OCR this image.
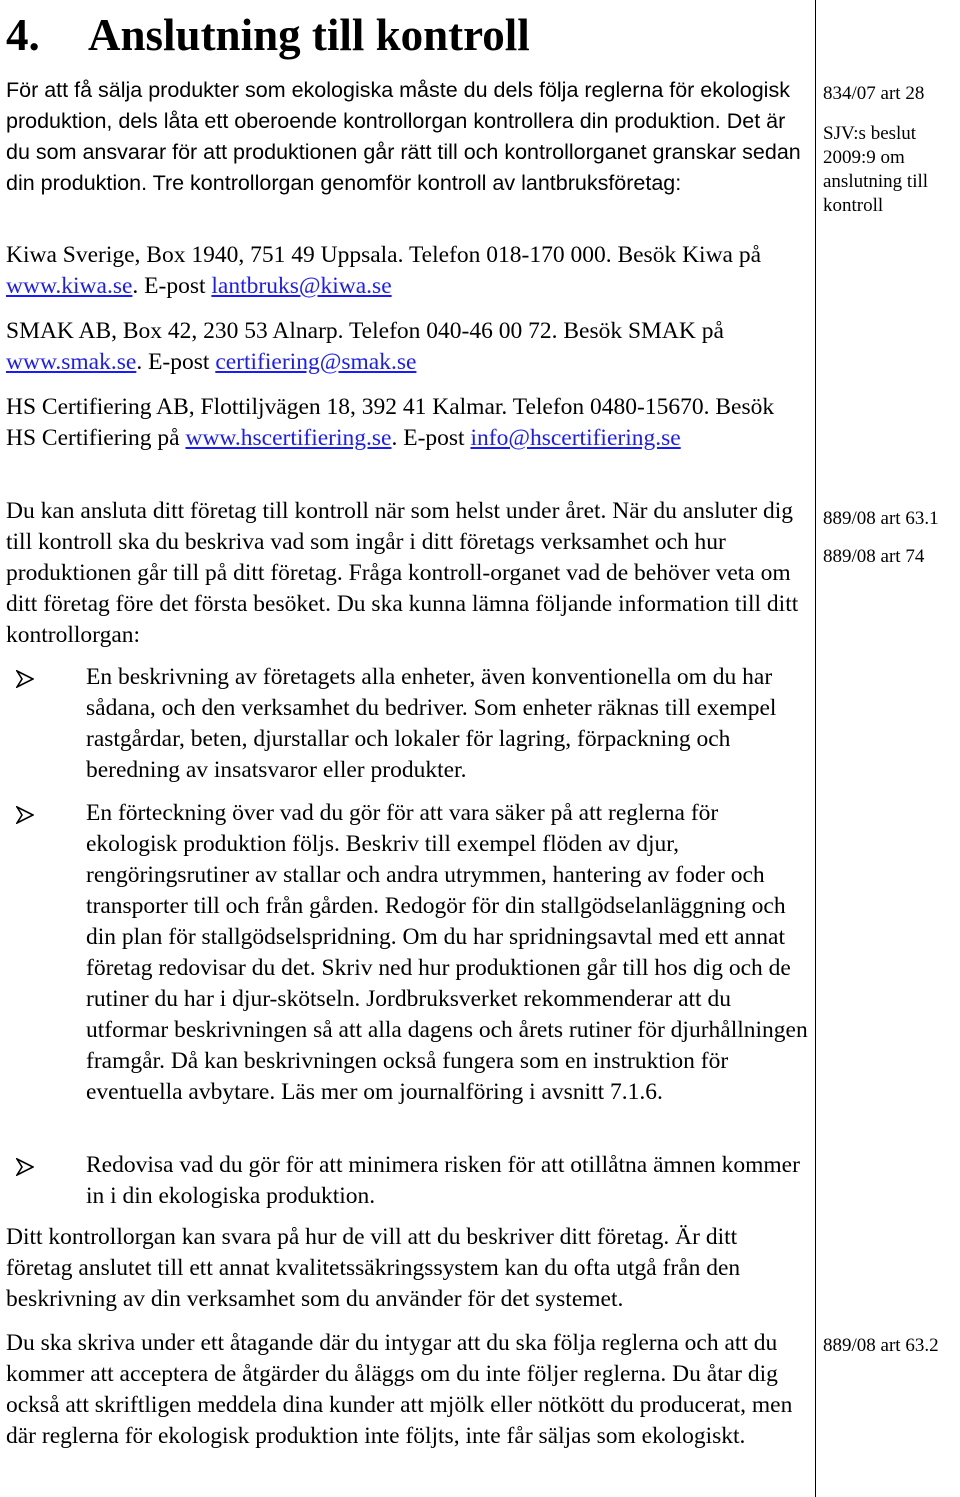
4. Anslutning till kontroll

För att få sälja produkter som ekologiska måste du dels följa reglerna för ekologisk produktion, dels låta ett oberoende kontrollorgan kontrollera din produktion. Det är du som ansvarar för att produktionen går rätt till och kontrollorganet granskar sedan din produktion. Tre kontrollorgan genomför kontroll av lantbruksföretag:

Kiwa Sverige, Box 1940, 751 49 Uppsala. Telefon 018-170 000. Besök Kiwa på www.kiwa.se. E-post lantbruks@kiwa.se

SMAK AB, Box 42, 230 53 Alnarp. Telefon 040-46 00 72. Besök SMAK på www.smak.se. E-post certifiering@smak.se

HS Certifiering AB, Flottiljvägen 18, 392 41 Kalmar. Telefon 0480-15670. Besök HS Certifiering på www.hscertifiering.se. E-post info@hscertifiering.se

Du kan ansluta ditt företag till kontroll när som helst under året. När du ansluter dig till kontroll ska du beskriva vad som ingår i ditt företags verksamhet och hur produktionen går till på ditt företag. Fråga kontroll-organet vad de behöver veta om ditt företag före det första besöket. Du ska kunna lämna följande information till ditt kontrollorgan:

En beskrivning av företagets alla enheter, även konventionella om du har sådana, och den verksamhet du bedriver. Som enheter räknas till exempel rastgårdar, beten, djurstallar och lokaler för lagring, förpackning och beredning av insatsvaror eller produkter.
En förteckning över vad du gör för att vara säker på att reglerna för ekologisk produktion följs. Beskriv till exempel flöden av djur, rengöringsrutiner av stallar och andra utrymmen, hantering av foder och transporter till och från gården. Redogör för din stallgödselanläggning och din plan för stallgödselspridning. Om du har spridningsavtal med ett annat företag redovisar du det. Skriv ned hur produktionen går till hos dig och de rutiner du har i djur-skötseln. Jordbruksverket rekommenderar att du utformar beskrivningen så att alla dagens och årets rutiner för djurhållningen framgår. Då kan beskrivningen också fungera som en instruktion för eventuella avbytare. Läs mer om journalföring i avsnitt 7.1.6.
Redovisa vad du gör för att minimera risken för att otillåtna ämnen kommer in i din ekologiska produktion.

Ditt kontrollorgan kan svara på hur de vill att du beskriver ditt företag. Är ditt företag anslutet till ett annat kvalitetssäkringssystem kan du ofta utgå från den beskrivning av din verksamhet som du använder för det systemet.

Du ska skriva under ett åtagande där du intygar att du ska följa reglerna och att du kommer att acceptera de åtgärder du åläggs om du inte följer reglerna. Du åtar dig också att skriftligen meddela dina kunder att mjölk eller nötkött du producerat, men där reglerna för ekologisk produktion inte följts, inte får säljas som ekologiskt.

834/07 art 28

SJV:s beslut 2009:9 om anslutning till kontroll

889/08 art 63.1

889/08 art 74

889/08 art 63.2
